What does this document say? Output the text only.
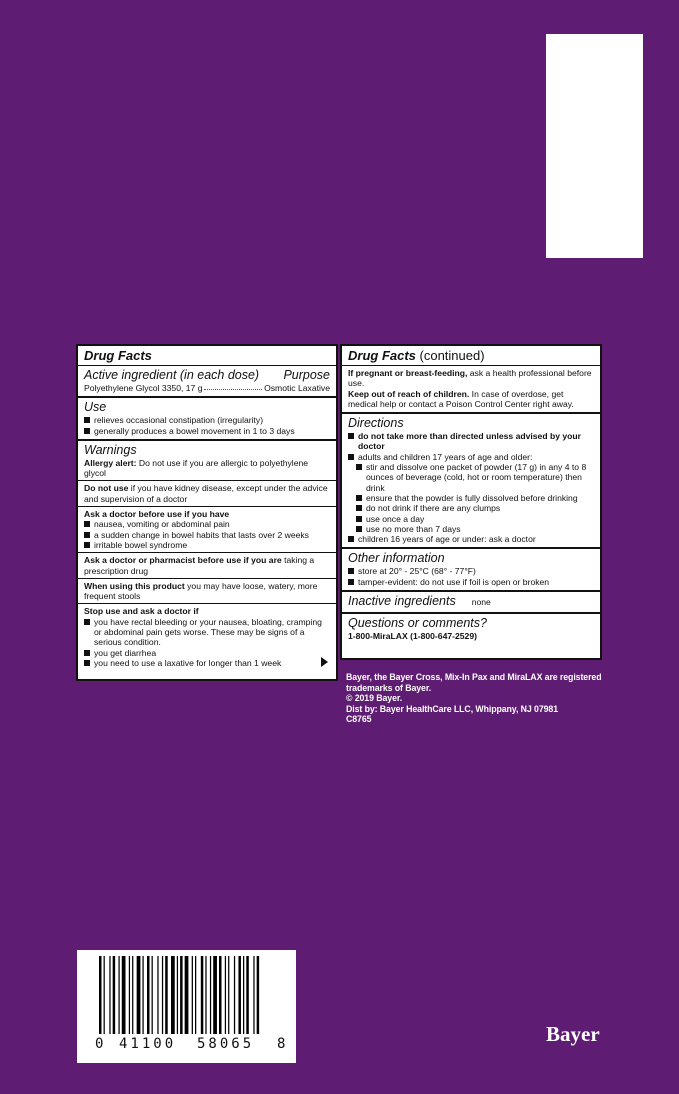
Drug Facts
Active ingredient (in each dose) Purpose
Polyethylene Glycol 3350, 17 g	Osmotic Laxative
Use
relieves occasional constipation (irregularity)
generally produces a bowel movement in 1 to 3 days
Warnings
Allergy alert: Do not use if you are allergic to polyethylene glycol
Do not use if you have kidney disease, except under the advice and supervision of a doctor
Ask a doctor before use if you have
nausea, vomiting or abdominal pain
a sudden change in bowel habits that lasts over 2 weeks
irritable bowel syndrome
Ask a doctor or pharmacist before use if you are taking a prescription drug
When using this product you may have loose, watery, more frequent stools
Stop use and ask a doctor if
you have rectal bleeding or your nausea, bloating, cramping or abdominal pain gets worse. These may be signs of a serious condition.
you get diarrhea
you need to use a laxative for longer than 1 week
Drug Facts (continued)
If pregnant or breast-feeding, ask a health professional before use.
Keep out of reach of children. In case of overdose, get medical help or contact a Poison Control Center right away.
Directions
do not take more than directed unless advised by your doctor
adults and children 17 years of age and older:
stir and dissolve one packet of powder (17 g) in any 4 to 8 ounces of beverage (cold, hot or room temperature) then drink
ensure that the powder is fully dissolved before drinking
do not drink if there are any clumps
use once a day
use no more than 7 days
children 16 years of age or under: ask a doctor
Other information
store at 20° - 25°C (68° - 77°F)
tamper-evident: do not use if foil is open or broken
Inactive ingredients none
Questions or comments?
1-800-MiraLAX (1-800-647-2529)
Bayer, the Bayer Cross, Mix-In Pax and MiraLAX are registered
trademarks of Bayer.
© 2019 Bayer.
Dist by: Bayer HealthCare LLC, Whippany, NJ 07981
C8765
0 41100 58065 8	Bayer
